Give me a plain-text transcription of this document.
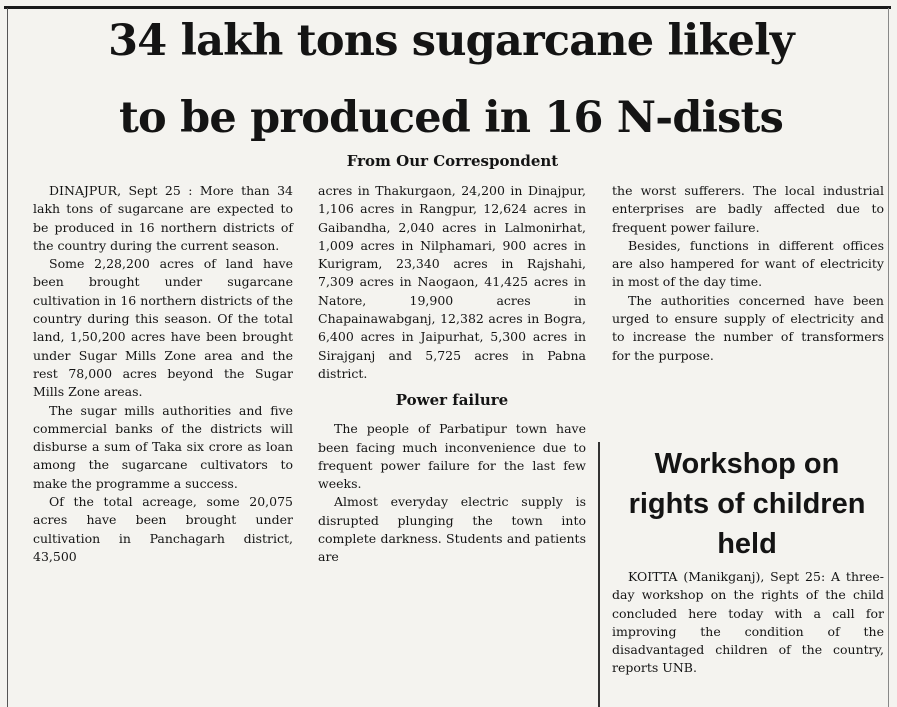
34 lakh tons sugarcane likely
to be produced in 16 N-dists
From Our Correspondent

DINAJPUR, Sept 25 : More than 34 lakh tons of sugarcane are expected to be produced in 16 northern districts of the country during the current season.

Some 2,28,200 acres of land have been brought under sugarcane cultivation in 16 northern districts of the country during this season. Of the total land, 1,50,200 acres have been brought under Sugar Mills Zone area and the rest 78,000 acres beyond the Sugar Mills Zone areas.

The sugar mills authorities and five commercial banks of the districts will disburse a sum of Taka six crore as loan among the sugarcane cultivators to make the programme a success.

Of the total acreage, some 20,075 acres have been brought under cultivation in Panchagarh district, 43,500

acres in Thakurgaon, 24,200 in Dinajpur, 1,106 acres in Rangpur, 12,624 acres in Gaibandha, 2,040 acres in Lalmonirhat, 1,009 acres in Nilphamari, 900 acres in Kurigram, 23,340 acres in Rajshahi, 7,309 acres in Naogaon, 41,425 acres in Natore, 19,900 acres in Chapainawabganj, 12,382 acres in Bogra, 6,400 acres in Jaipurhat, 5,300 acres in Sirajganj and 5,725 acres in Pabna district.

Power failure

The people of Parbatipur town have been facing much inconvenience due to frequent power failure for the last few weeks.

Almost everyday electric supply is disrupted plunging the town into complete darkness. Students and patients are

the worst sufferers. The local industrial enterprises are badly affected due to frequent power failure.

Besides, functions in different offices are also hampered for want of electricity in most of the day time.

The authorities concerned have been urged to ensure supply of electricity and to increase the number of transformers for the purpose.

Workshop on rights of children held

KOITTA (Manikganj), Sept 25: A three-day workshop on the rights of the child concluded here today with a call for improving the condition of the disadvantaged children of the country, reports UNB.
